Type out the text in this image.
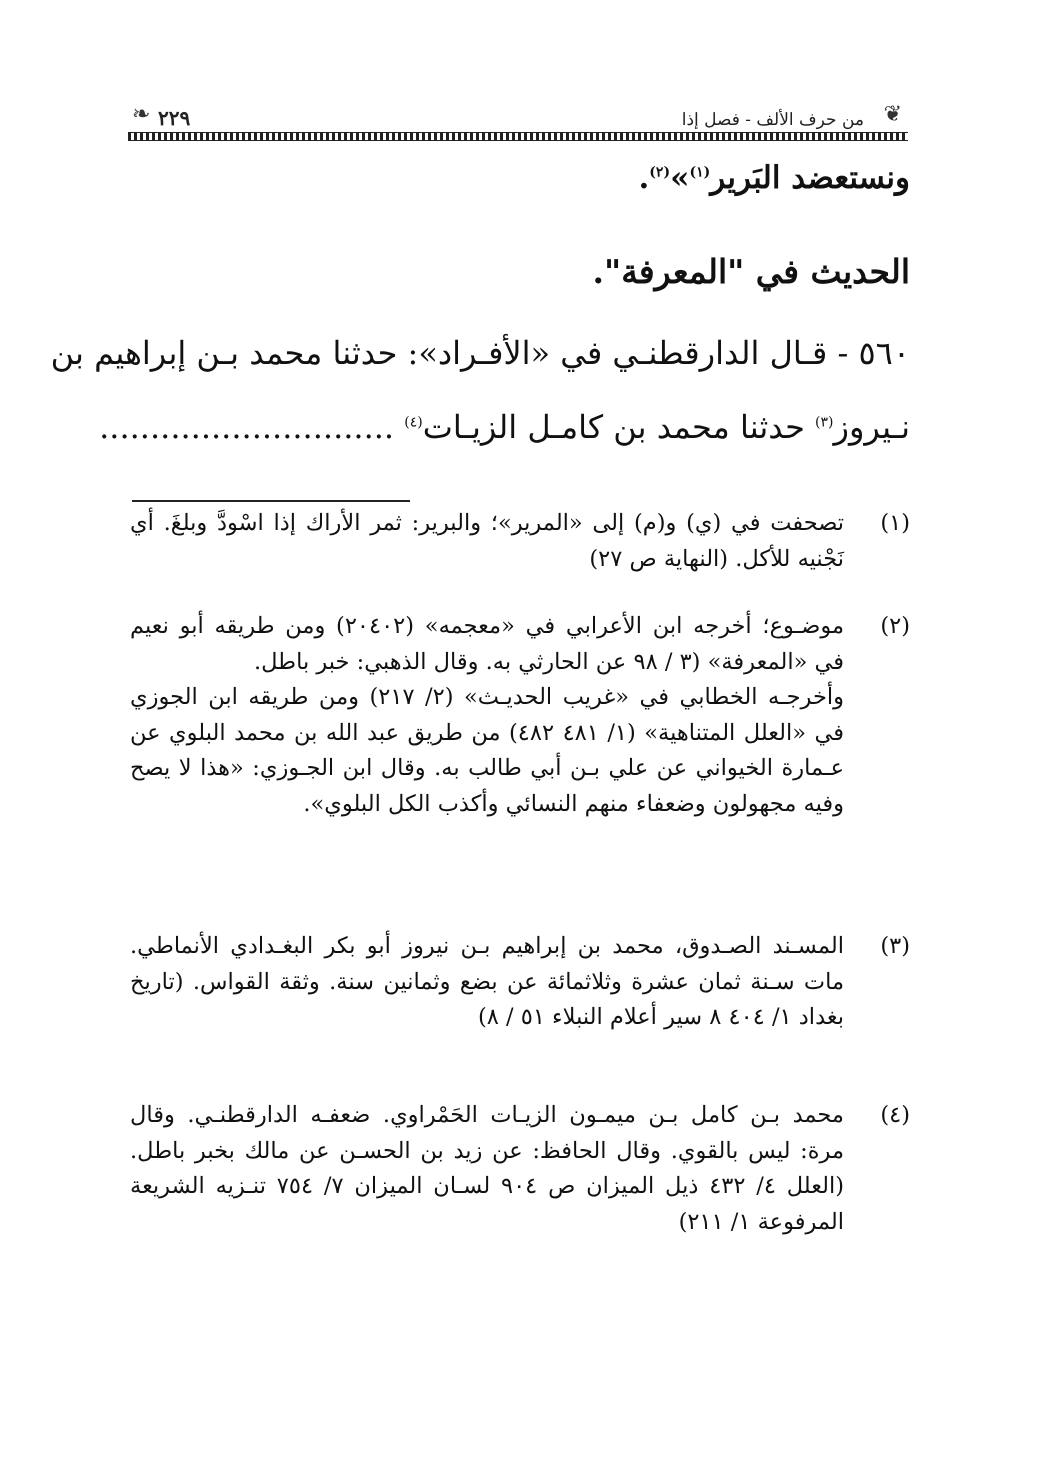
❦
من حرف الألف - فصل إذا
٢٢٩
❧
ونستعضد البَرير$^{(١)}$»$^{(٢)}$.
الحديث في "المعرفة".
٥٦٠ - قـال الدارقطنـي في «الأفـراد»: حدثنا محمد بـن إبراهيم بن
نـيروز$^{(٣)}$ حدثنا محمد بن كامـل الزيـات$^{(٤)}$ .............................
(١)

تصحفت في (ي) و(م) إلى «المرير»؛ والبرير: ثمر الأراك إذا اسْودَّ وبلغَ. أي نَجْنيه للأكل. (النهاية ص ٢٧)

(٢)

موضـوع؛ أخرجه ابن الأعرابي في «معجمه» (٢٠٤٠٢) ومن طريقه أبو نعيم في «المعرفة» (٣ / ٩٨ عن الحارثي به. وقال الذهبي: خبر باطل.

وأخرجـه الخطابي في «غريب الحديـث» (٢/ ٢١٧) ومن طريقه ابن الجوزي في «العلل المتناهية» (١/ ٤٨١ ٤٨٢) من طريق عبد الله بن محمد البلوي عن عـمارة الخيواني عن علي بـن أبي طالب به. وقال ابن الجـوزي: «هذا لا يصح وفيه مجهولون وضعفاء منهم النسائي وأكذب الكل البلوي».

(٣)

المسـند الصـدوق، محمد بن إبراهيم بـن نيروز أبو بكر البغـدادي الأنماطي. مات سـنة ثمان عشرة وثلاثمائة عن بضع وثمانين سنة. وثقة القواس. (تاريخ بغداد ١/ ٤٠٤ ٨ سير أعلام النبلاء ٥١ / ٨)

(٤)

محمد بـن كامل بـن ميمـون الزيـات الحَمْراوي. ضعفـه الدارقطنـي. وقال مرة: ليس بالقوي. وقال الحافظ: عن زيد بن الحسـن عن مالك بخبر باطل. (العلل ٤/ ٤٣٢ ذيل الميزان ص ٩٠٤ لسـان الميزان ٧/ ٧٥٤ تنـزيه الشريعة المرفوعة ١/ ٢١١)
